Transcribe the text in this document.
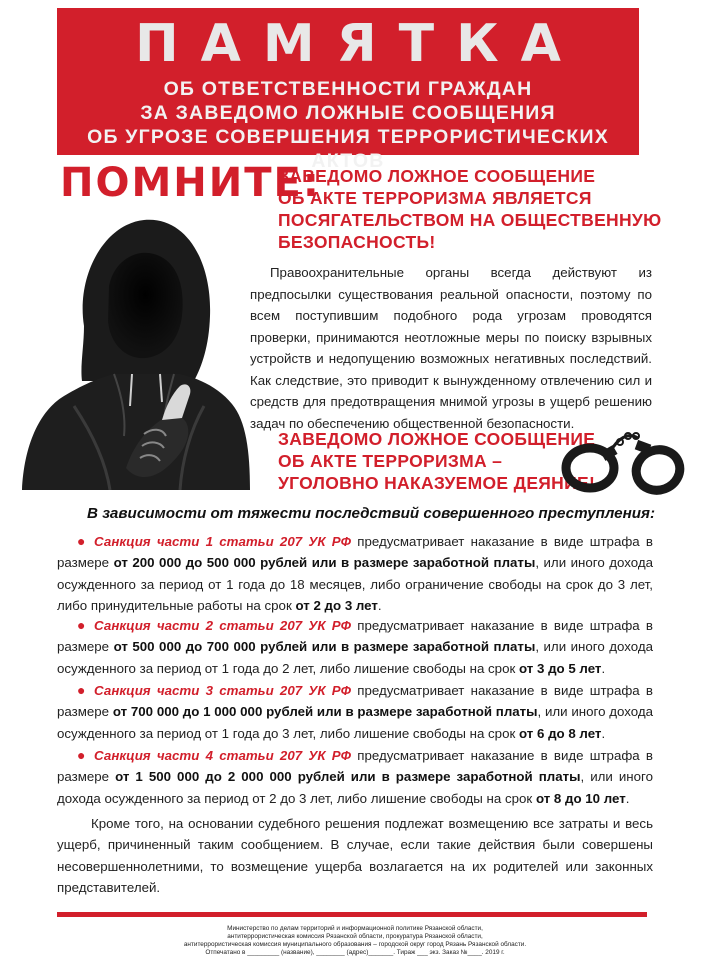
ПАМЯТКА
ОБ ОТВЕТСТВЕННОСТИ ГРАЖДАН
ЗА ЗАВЕДОМО ЛОЖНЫЕ СООБЩЕНИЯ
ОБ УГРОЗЕ СОВЕРШЕНИЯ ТЕРРОРИСТИЧЕСКИХ АКТОВ
ПОМНИТЕ:
ЗАВЕДОМО ЛОЖНОЕ СООБЩЕНИЕ
ОБ АКТЕ ТЕРРОРИЗМА ЯВЛЯЕТСЯ
ПОСЯГАТЕЛЬСТВОМ НА ОБЩЕСТВЕННУЮ
БЕЗОПАСНОСТЬ!
Правоохранительные органы всегда действуют из предпосылки существования реальной опасности, поэтому по всем поступившим подобного рода угрозам проводятся проверки, принимаются неотложные меры по поиску взрывных устройств и недопущению возможных негативных последствий. Как следствие, это приводит к вынужденному отвлечению сил и средств для предотвращения мнимой угрозы в ущерб решению задач по обеспечению общественной безопасности.
ЗАВЕДОМО ЛОЖНОЕ СООБЩЕНИЕ
ОБ АКТЕ ТЕРРОРИЗМА –
УГОЛОВНО НАКАЗУЕМОЕ ДЕЯНИЕ!
В зависимости от тяжести последствий совершенного преступления:
● Санкция части 1 статьи 207 УК РФ предусматривает наказание в виде штрафа в размере от 200 000 до 500 000 рублей или в размере заработной платы, или иного дохода осужденного за период от 1 года до 18 месяцев, либо ограничение свободы на срок до 3 лет, либо принудительные работы на срок от 2 до 3 лет.
● Санкция части 2 статьи 207 УК РФ предусматривает наказание в виде штрафа в размере от 500 000 до 700 000 рублей или в размере заработной платы, или иного дохода осужденного за период от 1 года до 2 лет, либо лишение свободы на срок от 3 до 5 лет.
● Санкция части 3 статьи 207 УК РФ предусматривает наказание в виде штрафа в размере от 700 000 до 1 000 000 рублей или в размере заработной платы, или иного дохода осужденного за период от 1 года до 3 лет, либо лишение свободы на срок от 6 до 8 лет.
● Санкция части 4 статьи 207 УК РФ предусматривает наказание в виде штрафа в размере от 1 500 000 до 2 000 000 рублей или в размере заработной платы, или иного дохода осужденного за период от 2 до 3 лет, либо лишение свободы на срок от 8 до 10 лет.
Кроме того, на основании судебного решения подлежат возмещению все затраты и весь ущерб, причиненный таким сообщением. В случае, если такие действия были совершены несовершеннолетними, то возмещение ущерба возлагается на их родителей или законных представителей.
Министерство по делам территорий и информационной политике Рязанской области,
антитеррористическая комиссия Рязанской области, прокуратура Рязанской области,
антитеррористическая комиссия муниципального образования – городской округ город Рязань Рязанской области.
Отпечатано в _________ (название), ________ (адрес)_______. Тираж ___ экз. Заказ №____. 2019 г.
